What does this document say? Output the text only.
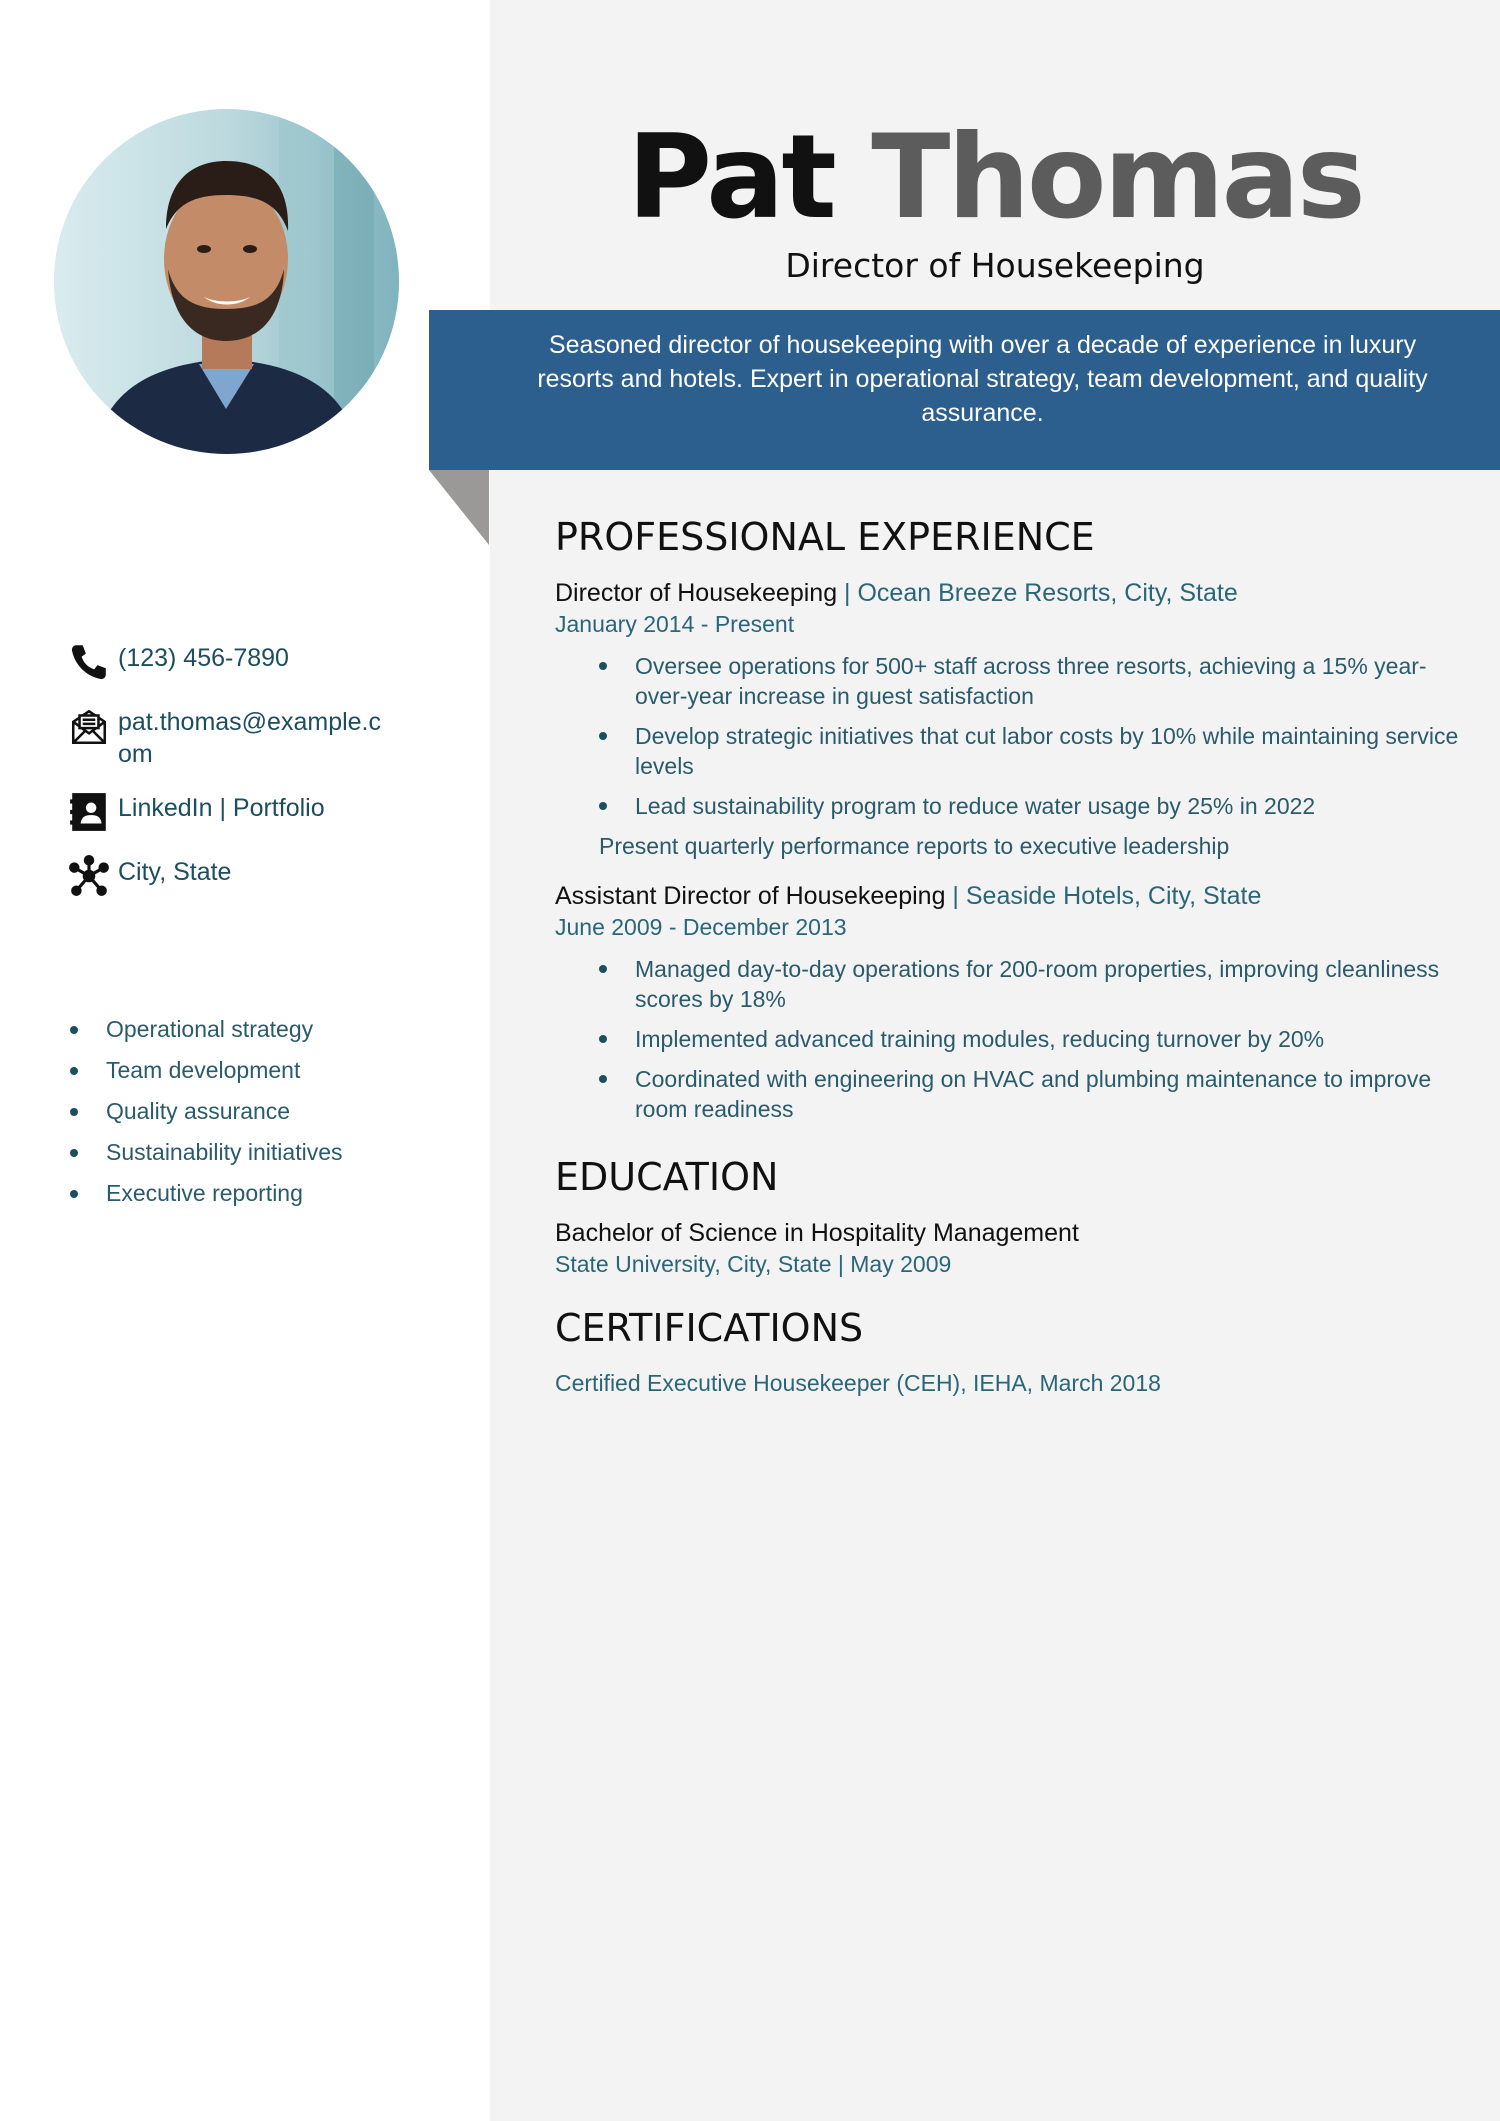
Pat Thomas
Director of Housekeeping
Seasoned director of housekeeping with over a decade of experience in luxury resorts and hotels. Expert in operational strategy, team development, and quality assurance.
(123) 456-7890
pat.thomas@example.com
LinkedIn | Portfolio
City, State
Operational strategy
Team development
Quality assurance
Sustainability initiatives
Executive reporting
PROFESSIONAL EXPERIENCE
Director of Housekeeping | Ocean Breeze Resorts, City, State
January 2014 - Present
Oversee operations for 500+ staff across three resorts, achieving a 15% year-over-year increase in guest satisfaction
Develop strategic initiatives that cut labor costs by 10% while maintaining service levels
Lead sustainability program to reduce water usage by 25% in 2022
Present quarterly performance reports to executive leadership
Assistant Director of Housekeeping | Seaside Hotels, City, State
June 2009 - December 2013
Managed day-to-day operations for 200-room properties, improving cleanliness scores by 18%
Implemented advanced training modules, reducing turnover by 20%
Coordinated with engineering on HVAC and plumbing maintenance to improve room readiness
EDUCATION
Bachelor of Science in Hospitality Management
State University, City, State | May 2009
CERTIFICATIONS
Certified Executive Housekeeper (CEH), IEHA, March 2018
